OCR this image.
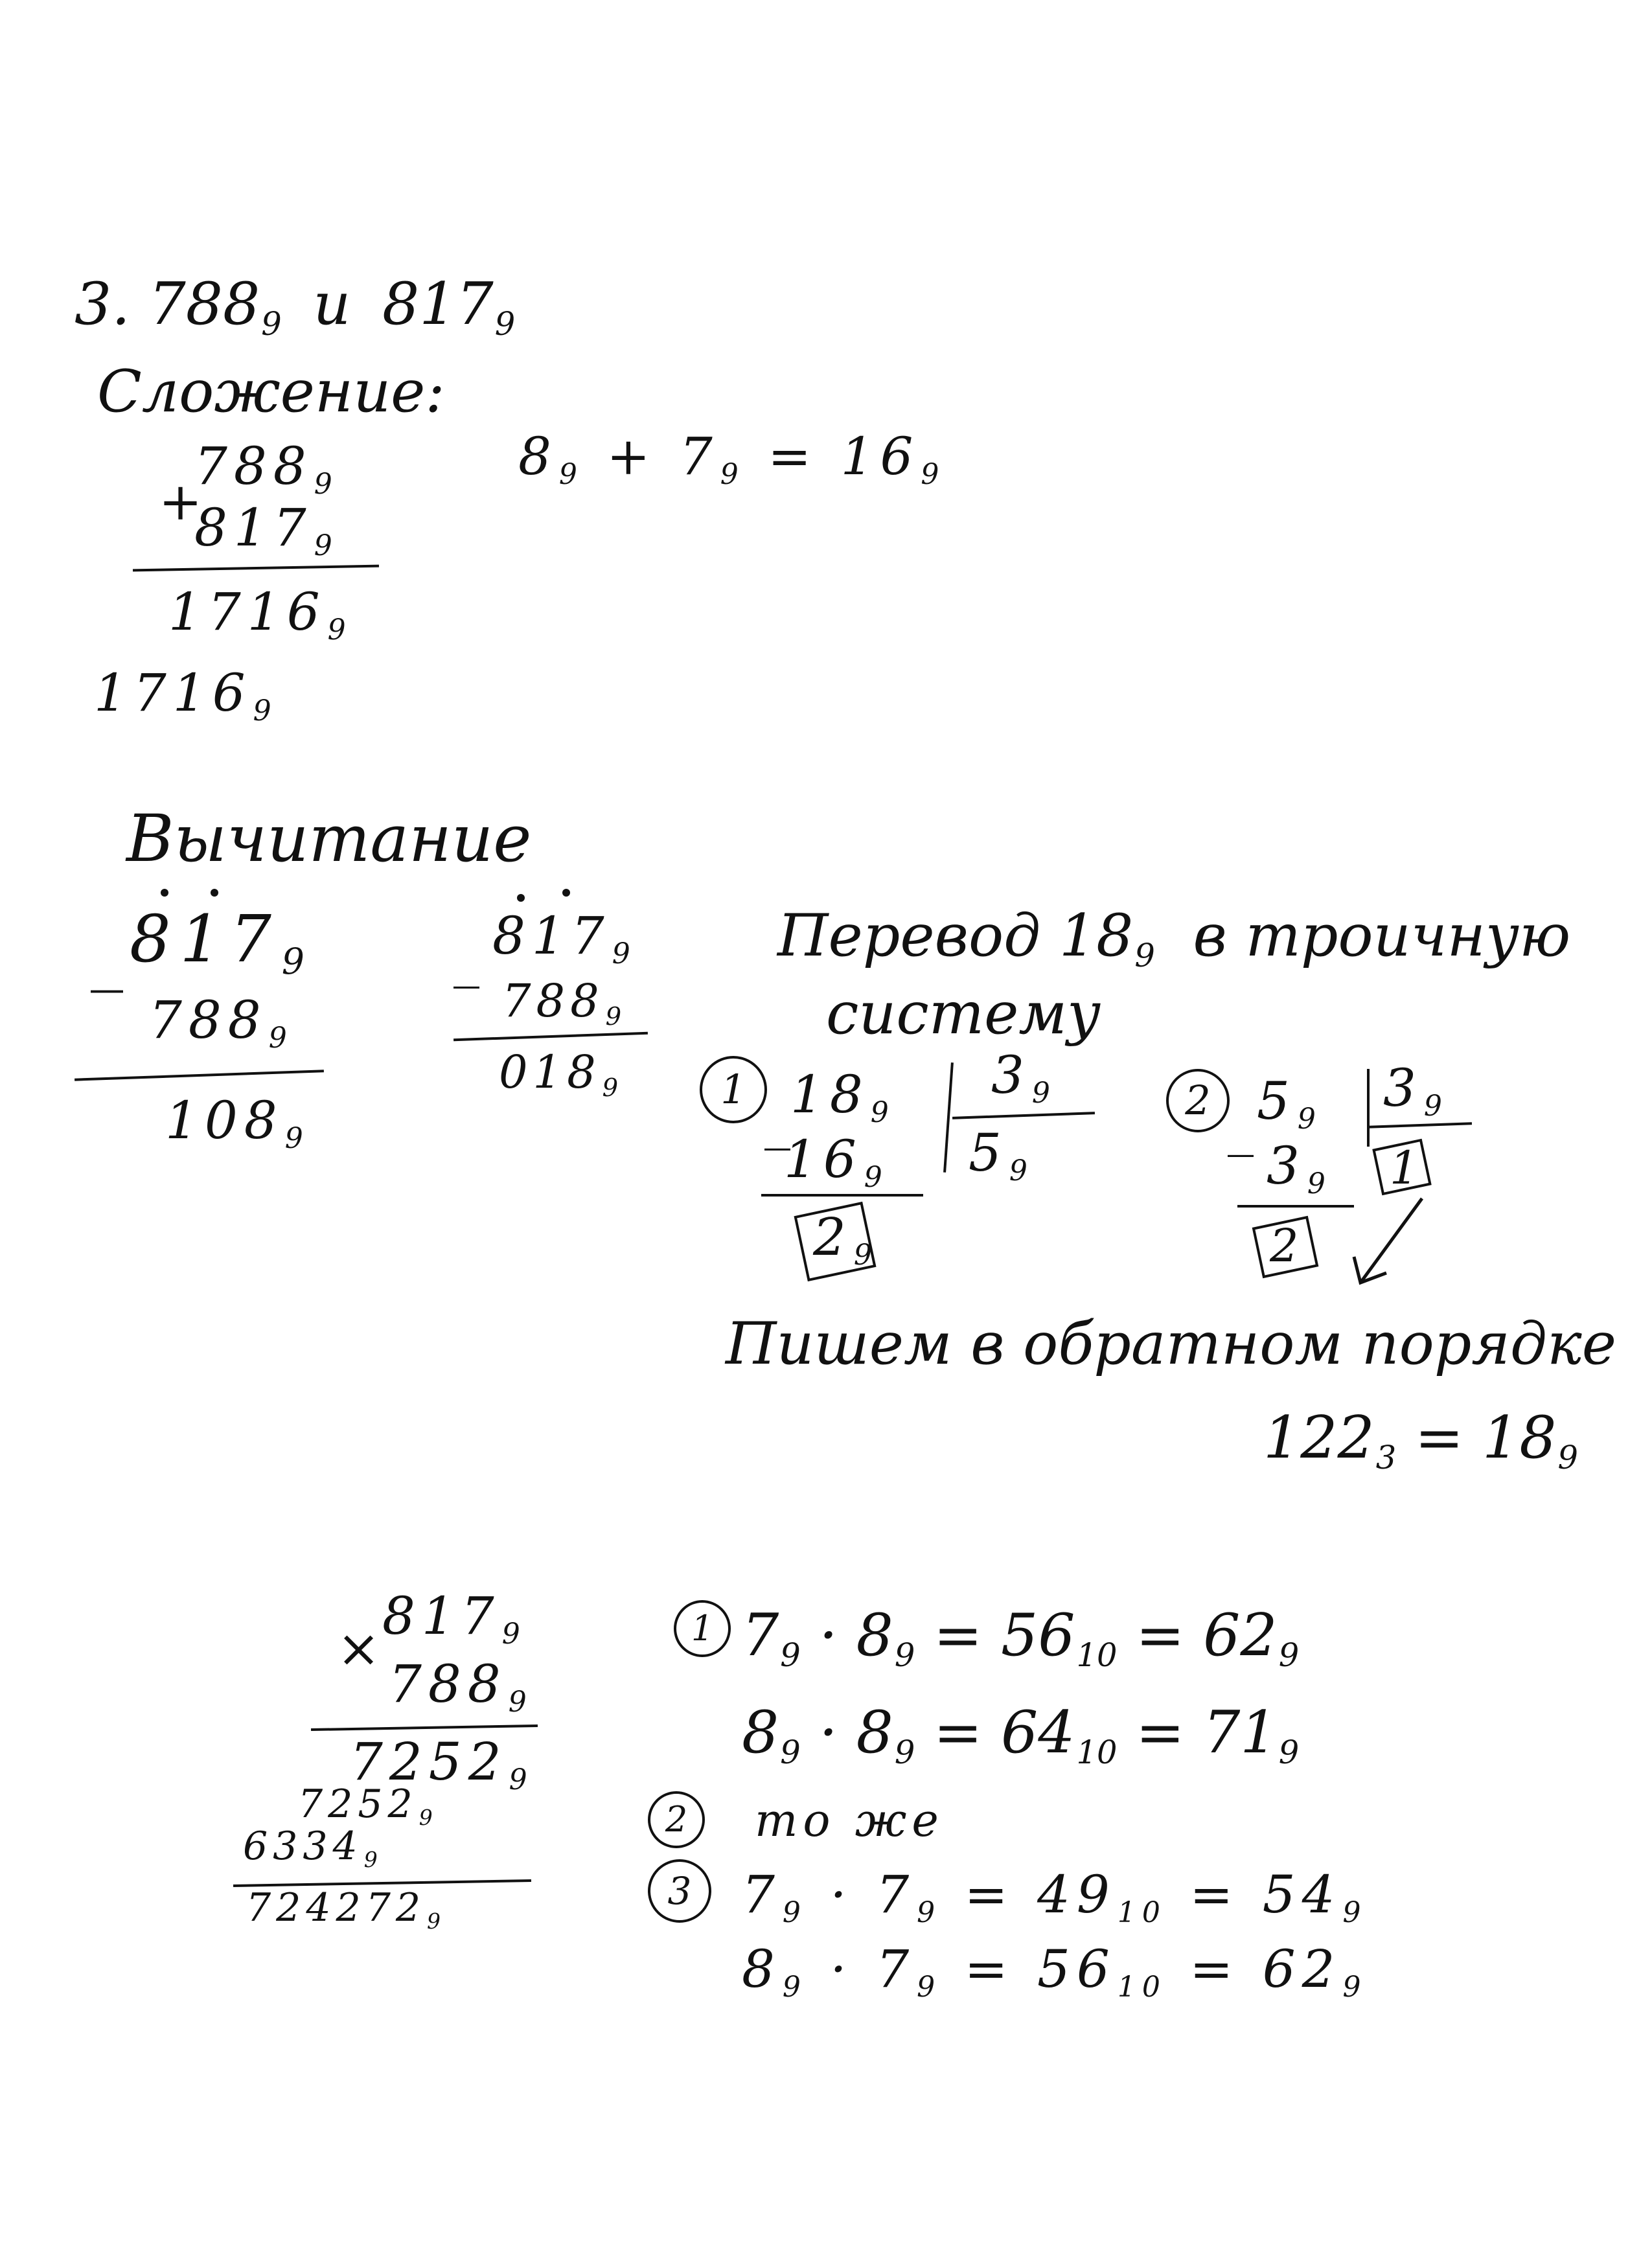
3. 7889 и 8179
Сложение:
+
7889
8179
17169
17169
89 + 79 = 169
Вычитание
_ 8179
7889
1089
_ 8179
7889
0189
Перевод 189 в троичную
систему
1
_
189
39
59
169
29
2 _
59
39
1
39
2
Пишем в обратном порядке
1223 = 189
×
8179
7889
72529
72529
63349
7242729
1 79 · 89 = 5610 = 629
89 · 89 = 6410 = 719
2	то же
3 79 · 79 = 4910 = 549
89 · 79 = 5610 = 629
